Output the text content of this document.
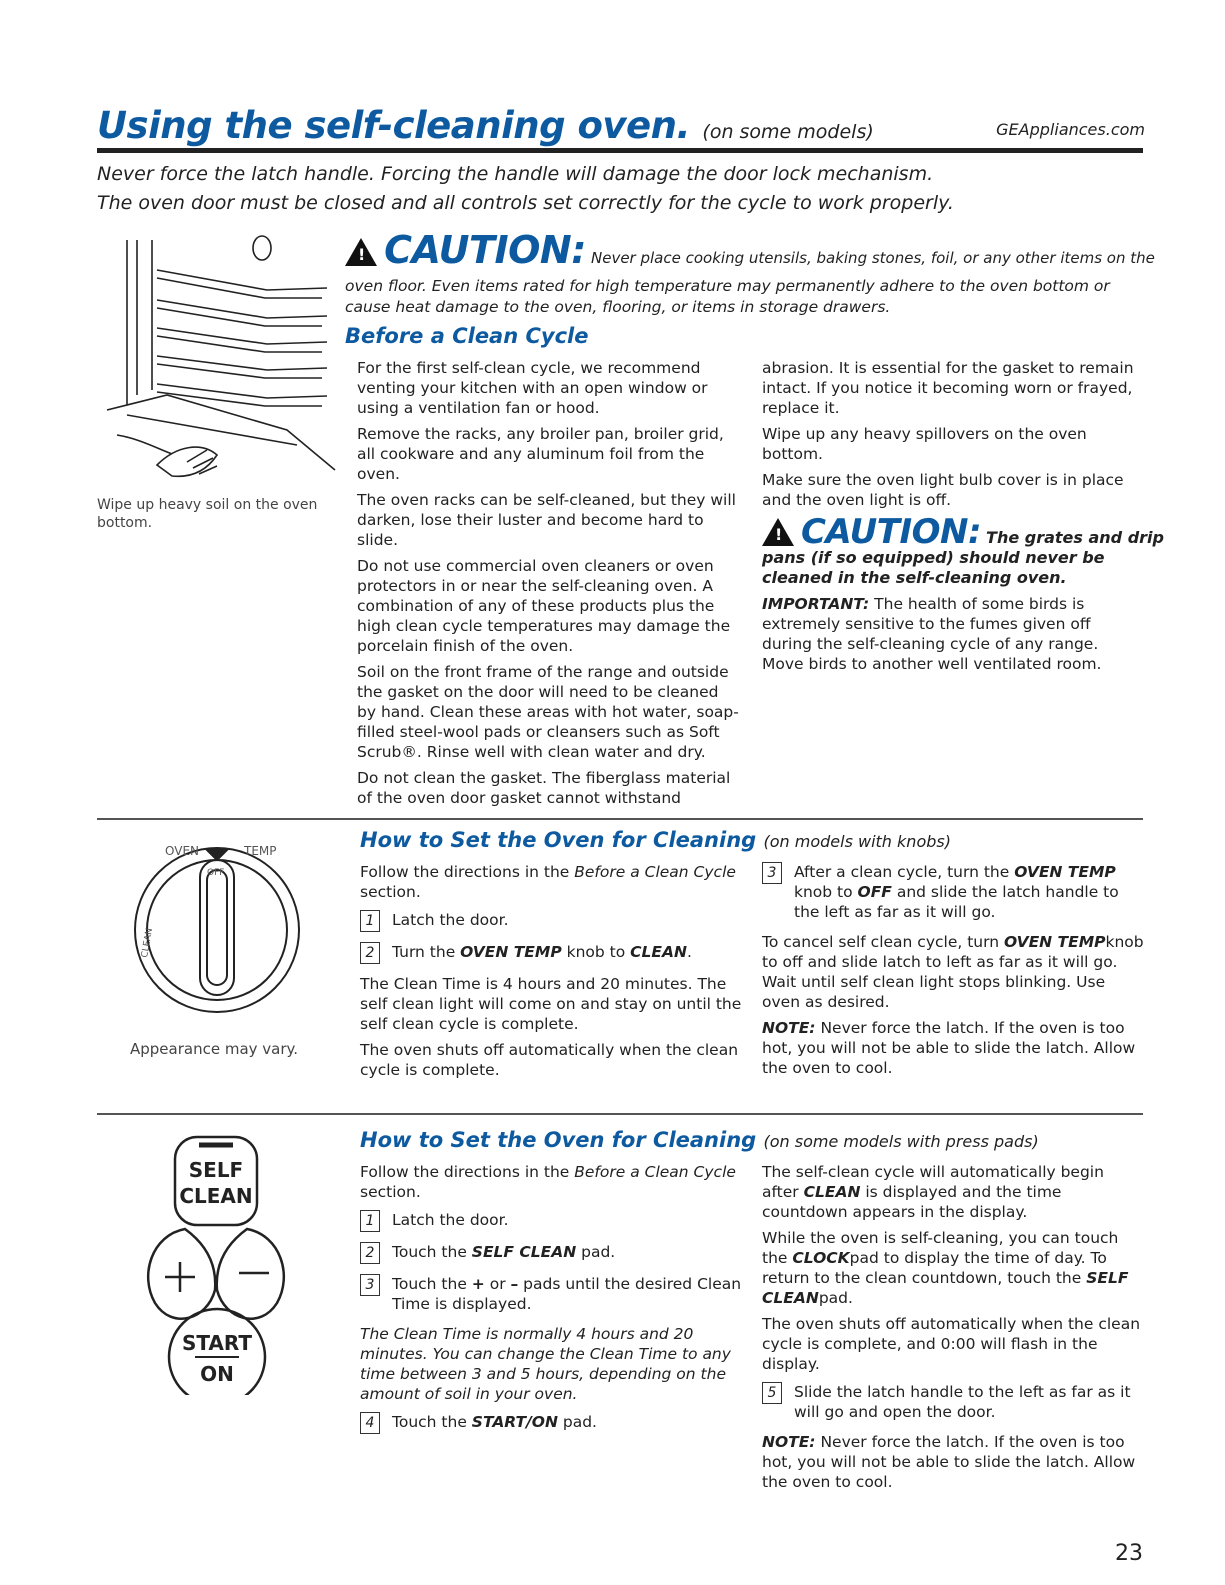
Using the self-cleaning oven. (on some models)	GEAppliances.com
Never force the latch handle. Forcing the handle will damage the door lock mechanism.
The oven door must be closed and all controls set correctly for the cycle to work properly.
Wipe up heavy soil on the oven bottom.
! CAUTION: Never place cooking utensils, baking stones, foil, or any other items on the
oven floor. Even items rated for high temperature may permanently adhere to the oven bottom or
cause heat damage to the oven, flooring, or items in storage drawers.
Before a Clean Cycle

For the first self-clean cycle, we recommend venting your kitchen with an open window or using a ventilation fan or hood.

Remove the racks, any broiler pan, broiler grid, all cookware and any aluminum foil from the oven.

The oven racks can be self-cleaned, but they will darken, lose their luster and become hard to slide.

Do not use commercial oven cleaners or oven protectors in or near the self-cleaning oven. A combination of any of these products plus the high clean cycle temperatures may damage the porcelain finish of the oven.

Soil on the front frame of the range and outside the gasket on the door will need to be cleaned by hand. Clean these areas with hot water, soap-filled steel-wool pads or cleansers such as Soft Scrub®. Rinse well with clean water and dry.

Do not clean the gasket. The fiberglass material of the oven door gasket cannot withstand

abrasion. It is essential for the gasket to remain intact. If you notice it becoming worn or frayed, replace it.

Wipe up any heavy spillovers on the oven bottom.

Make sure the oven light bulb cover is in place and the oven light is off.

! CAUTION: The grates and drip

pans (if so equipped) should never be cleaned in the self-cleaning oven.

IMPORTANT: The health of some birds is extremely sensitive to the fumes given off during the self-cleaning cycle of any range. Move birds to another well ventilated room.

OVEN	TEMP
OFF
CLEAN
Appearance may vary.
How to Set the Oven for Cleaning (on models with knobs)

Follow the directions in the Before a Clean Cycle section.

1	Latch the door.
2	Turn the OVEN TEMP knob to CLEAN.

The Clean Time is 4 hours and 20 minutes. The self clean light will come on and stay on until the self clean cycle is complete.

The oven shuts off automatically when the clean cycle is complete.

3	After a clean cycle, turn the OVEN TEMP knob to OFF and slide the latch handle to the left as far as it will go.

To cancel self clean cycle, turn OVEN TEMPknob to off and slide latch to left as far as it will go. Wait until self clean light stops blinking. Use oven as desired.

NOTE: Never force the latch. If the oven is too hot, you will not be able to slide the latch. Allow the oven to cool.

SELF
CLEAN
START
ON
How to Set the Oven for Cleaning (on some models with press pads)

Follow the directions in the Before a Clean Cycle section.

1	Latch the door.
2	Touch the SELF CLEAN pad.
3	Touch the + or – pads until the desired Clean Time is displayed.

The Clean Time is normally 4 hours and 20 minutes. You can change the Clean Time to any time between 3 and 5 hours, depending on the amount of soil in your oven.

4	Touch the START/ON pad.

The self-clean cycle will automatically begin after CLEAN is displayed and the time countdown appears in the display.

While the oven is self-cleaning, you can touch the CLOCKpad to display the time of day. To return to the clean countdown, touch the SELF CLEANpad.

The oven shuts off automatically when the clean cycle is complete, and 0:00 will flash in the display.

5	Slide the latch handle to the left as far as it will go and open the door.

NOTE: Never force the latch. If the oven is too hot, you will not be able to slide the latch. Allow the oven to cool.

23
